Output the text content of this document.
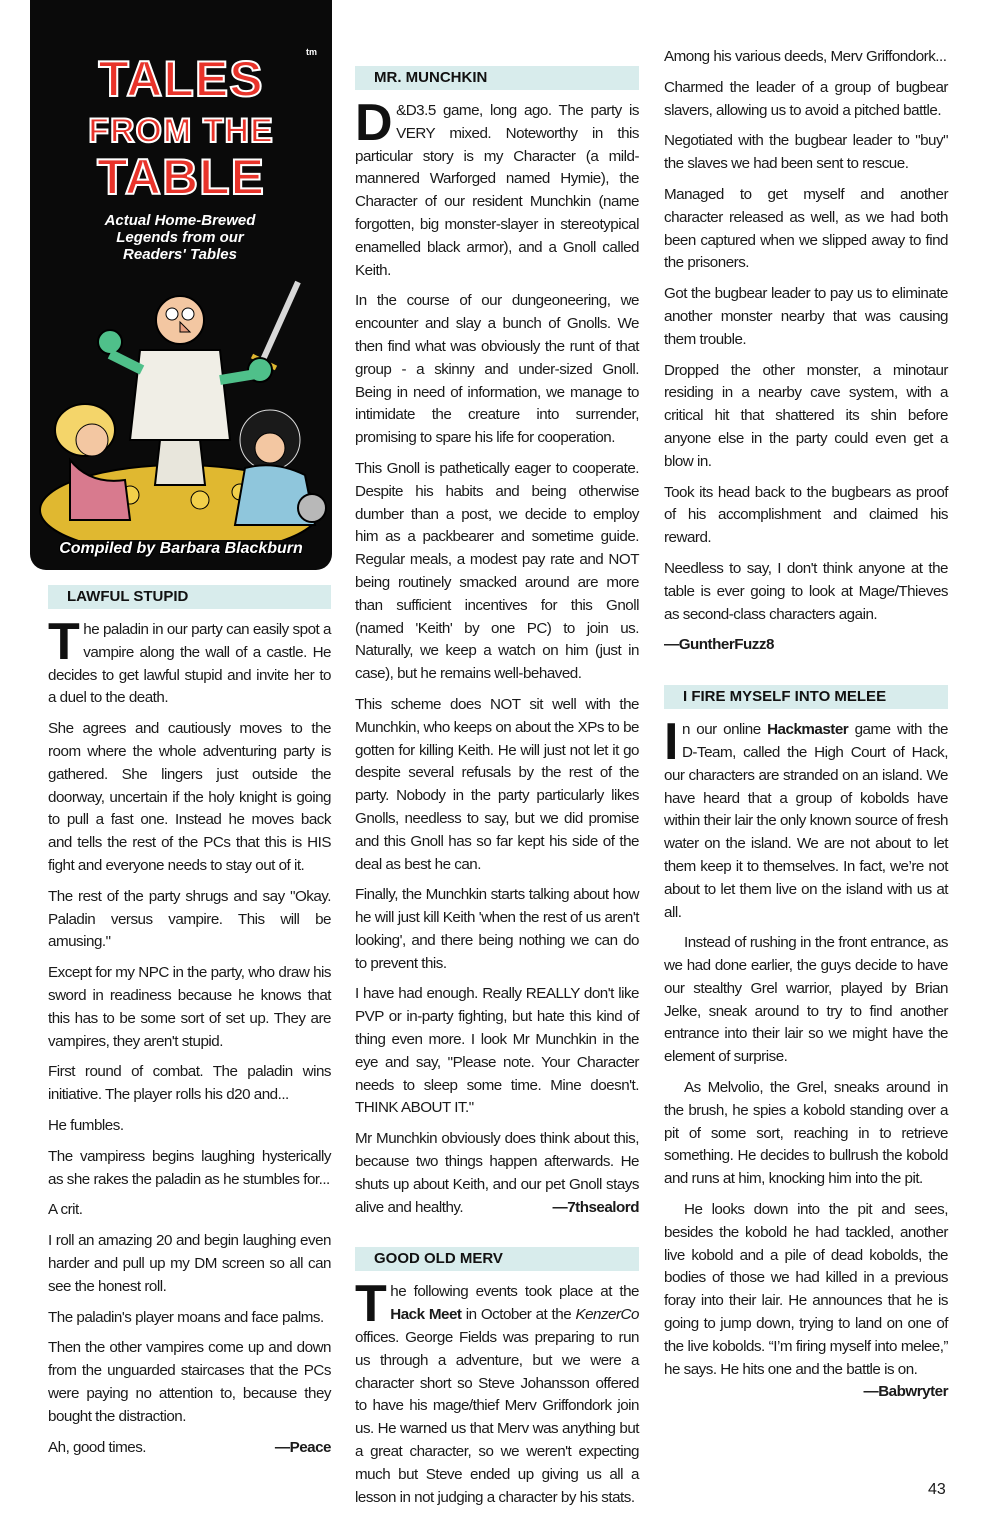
TALES	tm
FROM THE
TABLE
Actual Home-Brewed
Legends from our
Readers' Tables
Compiled by Barbara Blackburn
LAWFUL STUPID

The paladin in our party can easily spot a vampire along the wall of a castle. He decides to get lawful stupid and invite her to a duel to the death.

She agrees and cautiously moves to the room where the whole adventuring party is gathered. She lingers just outside the doorway, uncertain if the holy knight is going to pull a fast one. Instead he moves back and tells the rest of the PCs that this is HIS fight and everyone needs to stay out of it.

The rest of the party shrugs and say "Okay. Paladin versus vampire. This will be amusing."

Except for my NPC in the party, who draw his sword in readiness because he knows that this has to be some sort of set up. They are vampires, they aren't stupid.

First round of combat. The paladin wins initiative. The player rolls his d20 and...

He fumbles.

The vampiress begins laughing hysterically as she rakes the paladin as he stumbles for...

A crit.

I roll an amazing 20 and begin laughing even harder and pull up my DM screen so all can see the honest roll.

The paladin's player moans and face palms.

Then the other vampires come up and down from the unguarded staircases that the PCs were paying no attention to, because they bought the distraction.

Ah, good times.	—Peace

MR. MUNCHKIN

D &D3.5 game, long ago. The party is VERY mixed. Noteworthy in this particular story is my Character (a mild-mannered Warforged named Hymie), the Character of our resident Munchkin (name forgotten, big monster-slayer in stereotypical enamelled black armor), and a Gnoll called Keith.

In the course of our dungeoneering, we encounter and slay a bunch of Gnolls. We then find what was obviously the runt of that group - a skinny and under-sized Gnoll. Being in need of information, we manage to intimidate the creature into surrender, promising to spare his life for cooperation.

This Gnoll is pathetically eager to cooperate. Despite his habits and being otherwise dumber than a post, we decide to employ him as a packbearer and sometime guide. Regular meals, a modest pay rate and NOT being routinely smacked around are more than sufficient incentives for this Gnoll (named 'Keith' by one PC) to join us. Naturally, we keep a watch on him (just in case), but he remains well-behaved.

This scheme does NOT sit well with the Munchkin, who keeps on about the XPs to be gotten for killing Keith. He will just not let it go despite several refusals by the rest of the party. Nobody in the party particularly likes Gnolls, needless to say, but we did promise and this Gnoll has so far kept his side of the deal as best he can.

Finally, the Munchkin starts talking about how he will just kill Keith 'when the rest of us aren't looking', and there being nothing we can do to prevent this.

I have had enough. Really REALLY don't like PVP or in-party fighting, but hate this kind of thing even more. I look Mr Munchkin in the eye and say, "Please note. Your Character needs to sleep some time. Mine doesn't. THINK ABOUT IT."

Mr Munchkin obviously does think about this, because two things happen afterwards. He shuts up about Keith, and our pet Gnoll stays alive and healthy.	—7thsealord

GOOD OLD MERV

The following events took place at the Hack Meet in October at the KenzerCo offices. George Fields was preparing to run us through a adventure, but we were a character short so Steve Johansson offered to have his mage/thief Merv Griffondork join us. He warned us that Merv was anything but a great character, so we weren't expecting much but Steve ended up giving us all a lesson in not judging a character by his stats.

Among his various deeds, Merv Griffondork...

Charmed the leader of a group of bugbear slavers, allowing us to avoid a pitched battle.

Negotiated with the bugbear leader to "buy" the slaves we had been sent to rescue.

Managed to get myself and another character released as well, as we had both been captured when we slipped away to find the prisoners.

Got the bugbear leader to pay us to eliminate another monster nearby that was causing them trouble.

Dropped the other monster, a minotaur residing in a nearby cave system, with a critical hit that shattered its shin before anyone else in the party could even get a blow in.

Took its head back to the bugbears as proof of his accomplishment and claimed his reward.

Needless to say, I don't think anyone at the table is ever going to look at Mage/Thieves as second-class characters again.

—GuntherFuzz8

I FIRE MYSELF INTO MELEE

In our online Hackmaster game with the D-Team, called the High Court of Hack, our characters are stranded on an island. We have heard that a group of kobolds have within their lair the only known source of fresh water on the island. We are not about to let them keep it to themselves. In fact, we’re not about to let them live on the island with us at all.

Instead of rushing in the front entrance, as we had done earlier, the guys decide to have our stealthy Grel warrior, played by Brian Jelke, sneak around to try to find another entrance into their lair so we might have the element of surprise.

As Melvolio, the Grel, sneaks around in the brush, he spies a kobold standing over a pit of some sort, reaching in to retrieve something. He decides to bullrush the kobold and runs at him, knocking him into the pit.

He looks down into the pit and sees, besides the kobold he had tackled, another live kobold and a pile of dead kobolds, the bodies of those we had killed in a previous foray into their lair. He announces that he is going to jump down, trying to land on one of the live kobolds. “I’m firing myself into melee,” he says. He hits one and the battle is on.
—Babwryter

43
